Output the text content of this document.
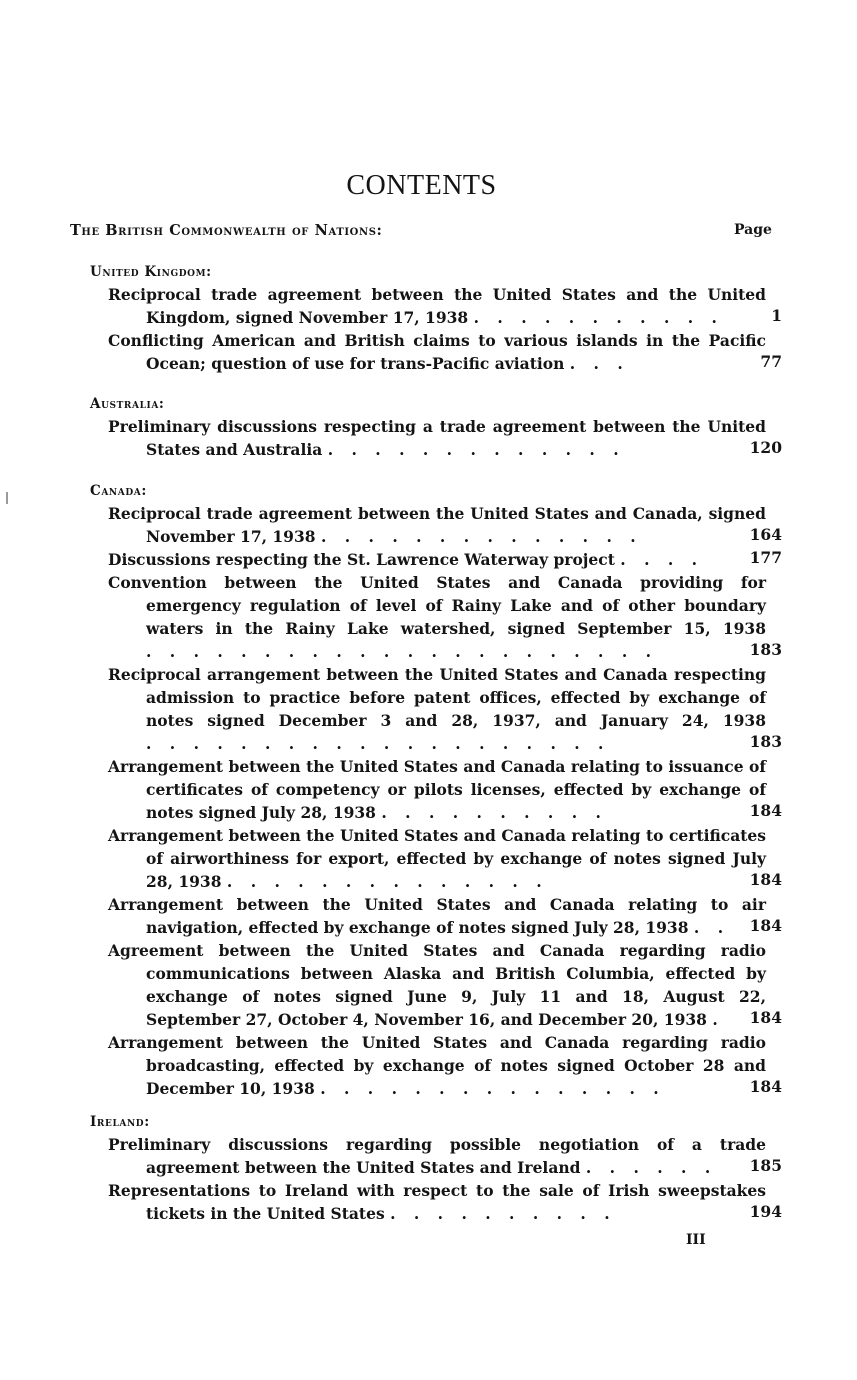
CONTENTS
The British Commonwealth of Nations:	Page
United Kingdom:
Reciprocal trade agreement between the United States and the United Kingdom, signed November 17, 1938 . . . . . . . . . . .	1
Conflicting American and British claims to various islands in the Pacific Ocean; question of use for trans-Pacific aviation . . .	77
Australia:
Preliminary discussions respecting a trade agreement between the United States and Australia . . . . . . . . . . . . .	120
Canada:
Reciprocal trade agreement between the United States and Canada, signed November 17, 1938 . . . . . . . . . . . . . .	164
Discussions respecting the St. Lawrence Waterway project . . . .	177
Convention between the United States and Canada providing for emergency regulation of level of Rainy Lake and of other boundary waters in the Rainy Lake watershed, signed September 15, 1938 . . . . . . . . . . . . . . . . . . . . . .	183
Reciprocal arrangement between the United States and Canada respecting admission to practice before patent offices, effected by exchange of notes signed December 3 and 28, 1937, and January 24, 1938 . . . . . . . . . . . . . . . . . . . .	183
Arrangement between the United States and Canada relating to issuance of certificates of competency or pilots licenses, effected by exchange of notes signed July 28, 1938 . . . . . . . . . .	184
Arrangement between the United States and Canada relating to certificates of airworthiness for export, effected by exchange of notes signed July 28, 1938 . . . . . . . . . . . . . .	184
Arrangement between the United States and Canada relating to air navigation, effected by exchange of notes signed July 28, 1938 . .	184
Agreement between the United States and Canada regarding radio communications between Alaska and British Columbia, effected by exchange of notes signed June 9, July 11 and 18, August 22, September 27, October 4, November 16, and December 20, 1938 .	184
Arrangement between the United States and Canada regarding radio broadcasting, effected by exchange of notes signed October 28 and December 10, 1938 . . . . . . . . . . . . . . .	184
Ireland:
Preliminary discussions regarding possible negotiation of a trade agreement between the United States and Ireland . . . . . .	185
Representations to Ireland with respect to the sale of Irish sweepstakes tickets in the United States . . . . . . . . . .	194
III
